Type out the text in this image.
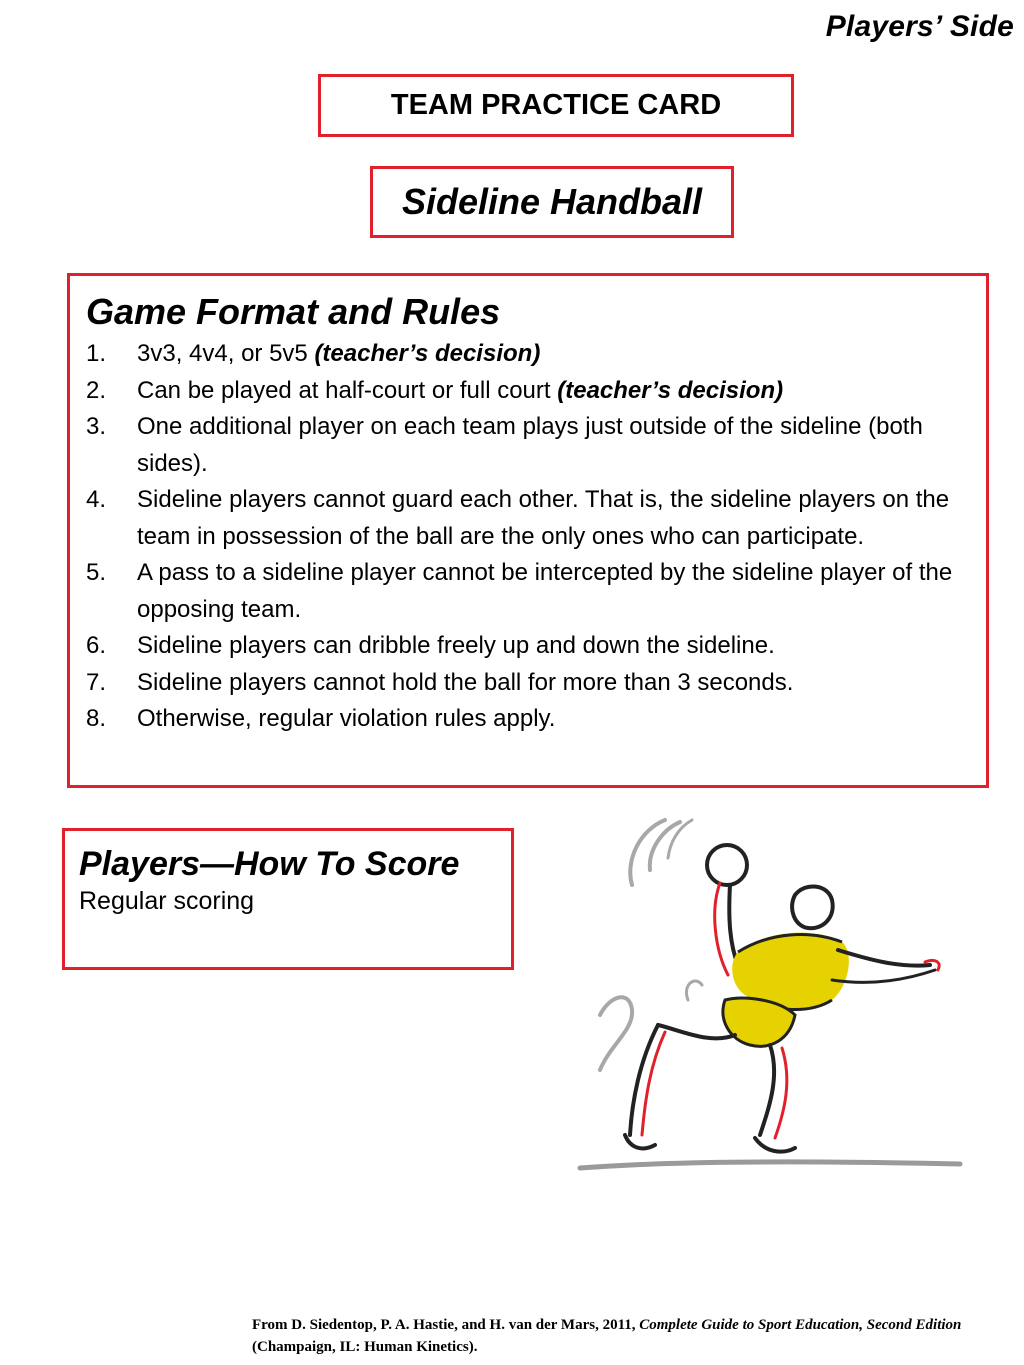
Players’ Side
TEAM PRACTICE CARD
Sideline Handball
Game Format and Rules
1.	3v3, 4v4, or 5v5 (teacher’s decision)
2.	Can be played at half-court or full court (teacher’s decision)
3.	One additional player on each team plays just outside of the sideline (both sides).
4.	Sideline players cannot guard each other. That is, the sideline players on the team in possession of the ball are the only ones who can participate.
5.	A pass to a sideline player cannot be intercepted by the sideline player of the opposing team.
6.	Sideline players can dribble freely up and down the sideline.
7.	Sideline players cannot hold the ball for more than 3 seconds.
8.	Otherwise, regular violation rules apply.
Players—How To Score
Regular scoring
From D. Siedentop, P. A. Hastie, and H. van der Mars, 2011, Complete Guide to Sport Education, Second Edition (Champaign, IL: Human Kinetics).
